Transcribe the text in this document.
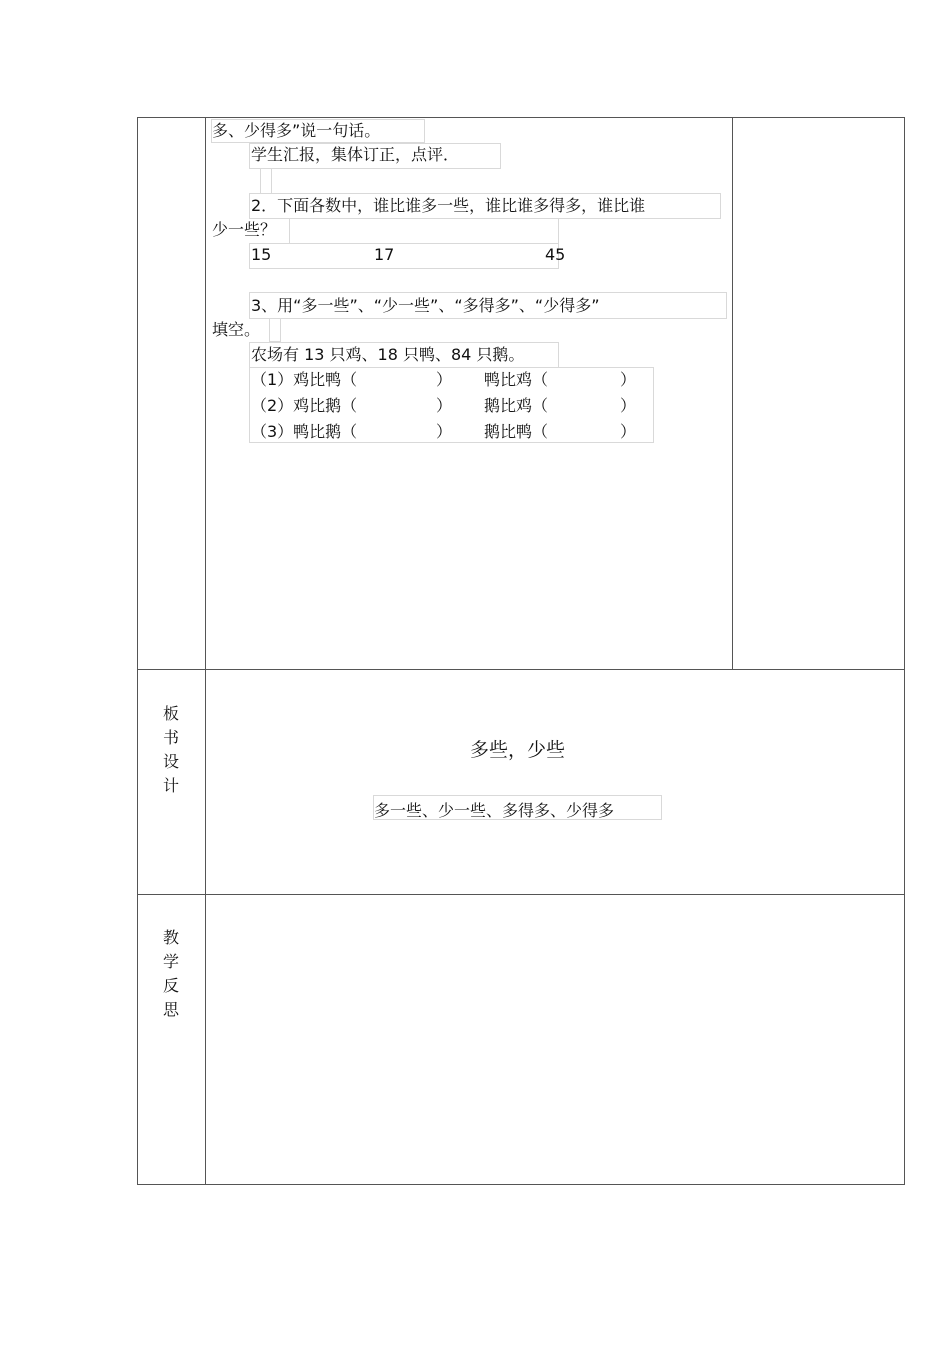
多、少得多”说一句话。
学生汇报，集体订正，点评．
2．下面各数中，谁比谁多一些，谁比谁多得多，谁比谁
少一些？
15	17	45
3、用“多一些”、“少一些”、“多得多”、“少得多”
填空。
农场有 13 只鸡、18 只鸭、84 只鹅。
（1）鸡比鸭（	） 鸭比鸡（	）
（2）鸡比鹅（	） 鹅比鸡（	）
（3）鸭比鹅（	） 鹅比鸭（	）
板
书
设
计
多些，少些
多一些、少一些、多得多、少得多
教
学
反
思
